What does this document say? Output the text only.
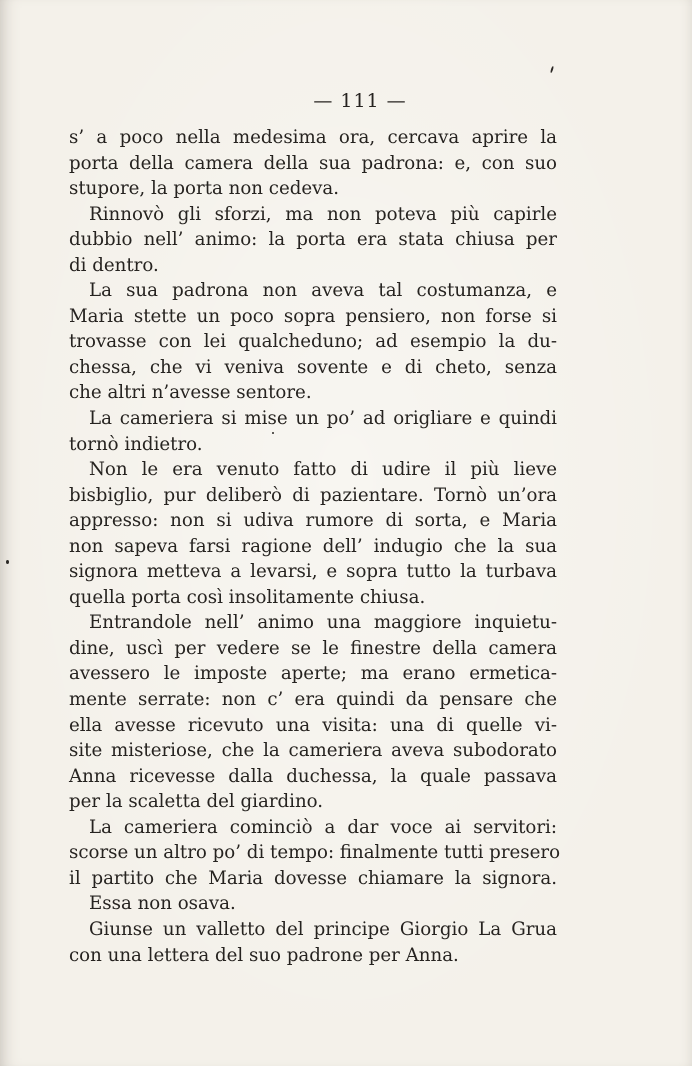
— 111 —
s’ a poco nella medesima ora, cercava aprire la
porta della camera della sua padrona: e, con suo
stupore, la porta non cedeva.
Rinnovò gli sforzi, ma non poteva più capirle
dubbio nell’ animo: la porta era stata chiusa per
di dentro.
La sua padrona non aveva tal costumanza, e
Maria stette un poco sopra pensiero, non forse si
trovasse con lei qualcheduno; ad esempio la du-
chessa, che vi veniva sovente e di cheto, senza
che altri n’avesse sentore.
La cameriera si mise un po’ ad origliare e quindi
tornò indietro.
Non le era venuto fatto di udire il più lieve
bisbiglio, pur deliberò di pazientare. Tornò un’ora
appresso: non si udiva rumore di sorta, e Maria
non sapeva farsi ragione dell’ indugio che la sua
signora metteva a levarsi, e sopra tutto la turbava
quella porta così insolitamente chiusa.
Entrandole nell’ animo una maggiore inquietu-
dine, uscì per vedere se le finestre della camera
avessero le imposte aperte; ma erano ermetica-
mente serrate: non c’ era quindi da pensare che
ella avesse ricevuto una visita: una di quelle vi-
site misteriose, che la cameriera aveva subodorato
Anna ricevesse dalla duchessa, la quale passava
per la scaletta del giardino.
La cameriera cominciò a dar voce ai servitori:
scorse un altro po’ di tempo: finalmente tutti presero
il partito che Maria dovesse chiamare la signora.
Essa non osava.
Giunse un valletto del principe Giorgio La Grua
con una lettera del suo padrone per Anna.
